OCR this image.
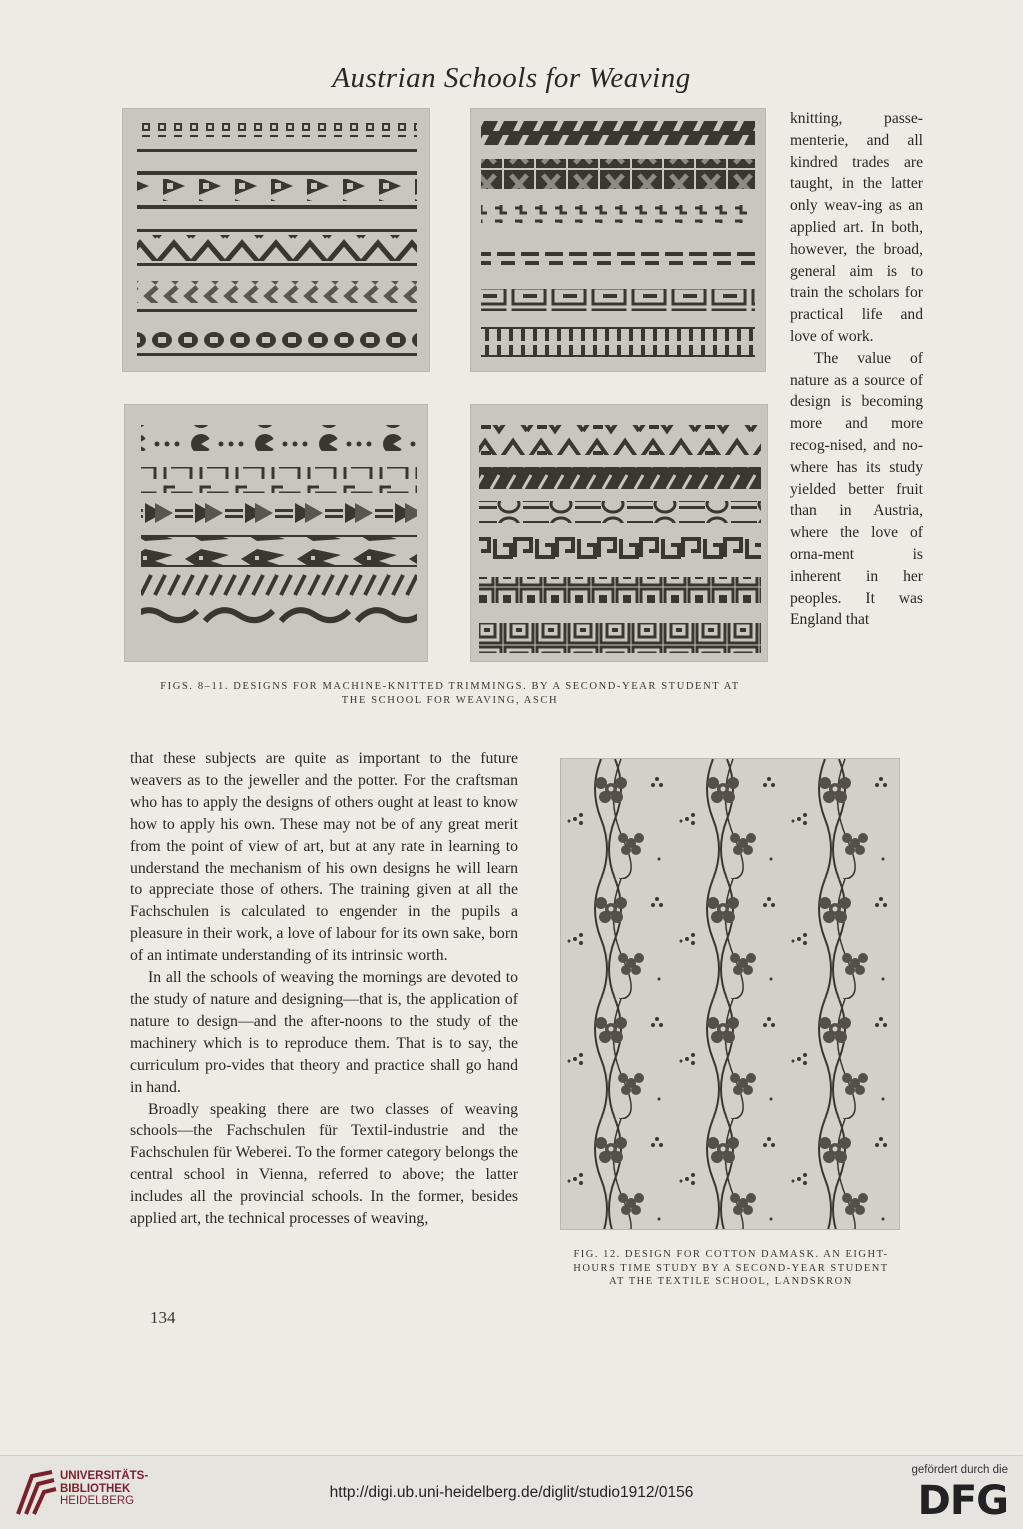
Austrian Schools for Weaving
FIGS. 8–11. DESIGNS FOR MACHINE-KNITTED TRIMMINGS. BY A SECOND-YEAR STUDENT AT
THE SCHOOL FOR WEAVING, ASCH

knitting, passe-menterie, and all kindred trades are taught, in the latter only weav-ing as an applied art. In both, however, the broad, general aim is to train the scholars for practical life and love of work.

The value of nature as a source of design is becoming more and more recog-nised, and no-where has its study yielded better fruit than in Austria, where the love of orna-ment is inherent in her peoples. It was England that

that these subjects are quite as important to the future weavers as to the jeweller and the potter. For the craftsman who has to apply the designs of others ought at least to know how to apply his own. These may not be of any great merit from the point of view of art, but at any rate in learning to understand the mechanism of his own designs he will learn to appreciate those of others. The training given at all the Fachschulen is calculated to engender in the pupils a pleasure in their work, a love of labour for its own sake, born of an intimate understanding of its intrinsic worth.

In all the schools of weaving the mornings are devoted to the study of nature and designing—that is, the application of nature to design—and the after-noons to the study of the machinery which is to reproduce them. That is to say, the curriculum pro-vides that theory and practice shall go hand in hand.

Broadly speaking there are two classes of weaving schools—the Fachschulen für Textil-industrie and the Fachschulen für Weberei. To the former category belongs the central school in Vienna, referred to above; the latter includes all the provincial schools. In the former, besides applied art, the technical processes of weaving,

FIG. 12. DESIGN FOR COTTON DAMASK. AN EIGHT-
HOURS TIME STUDY BY A SECOND-YEAR STUDENT
AT THE TEXTILE SCHOOL, LANDSKRON
134
UNIVERSITÄTS-
BIBLIOTHEK
HEIDELBERG	http://digi.ub.uni-heidelberg.de/diglit/studio1912/0156
gefördert durch die
DFG
